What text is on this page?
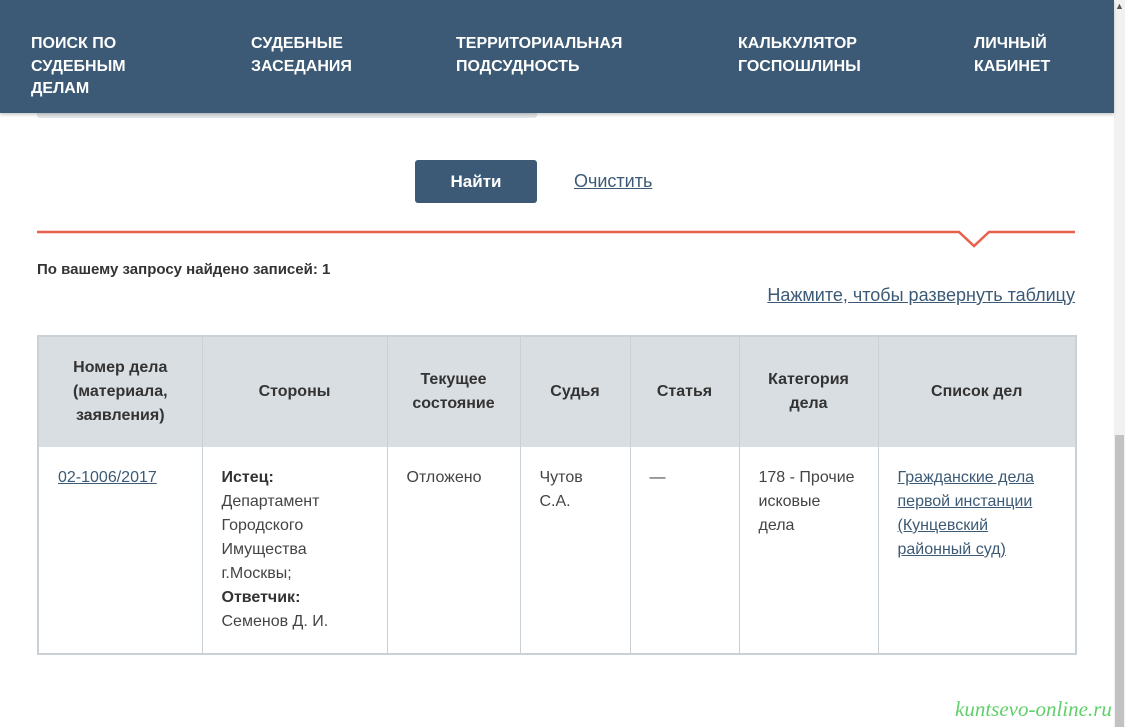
ПОИСК ПО
СУДЕБНЫМ
ДЕЛАМ
СУДЕБНЫЕ
ЗАСЕДАНИЯ
ТЕРРИТОРИАЛЬНАЯ
ПОДСУДНОСТЬ
КАЛЬКУЛЯТОР
ГОСПОШЛИНЫ
ЛИЧНЫЙ
КАБИНЕТ
▲
Найти	Очистить
По вашему запросу найдено записей: 1
Нажмите, чтобы развернуть таблицу
Номер дела (материала, заявления)	Стороны	Текущее состояние	Судья	Статья	Категория дела	Список дел
02-1006/2017	Истец:
Департамент Городского Имущества г.Москвы;
Ответчик:
Семенов Д. И.	Отложено	Чутов С.А.	—	178 - Прочие исковые дела	Гражданские дела первой инстанции (Кунцевский районный суд)
kuntsevo-online.ru
